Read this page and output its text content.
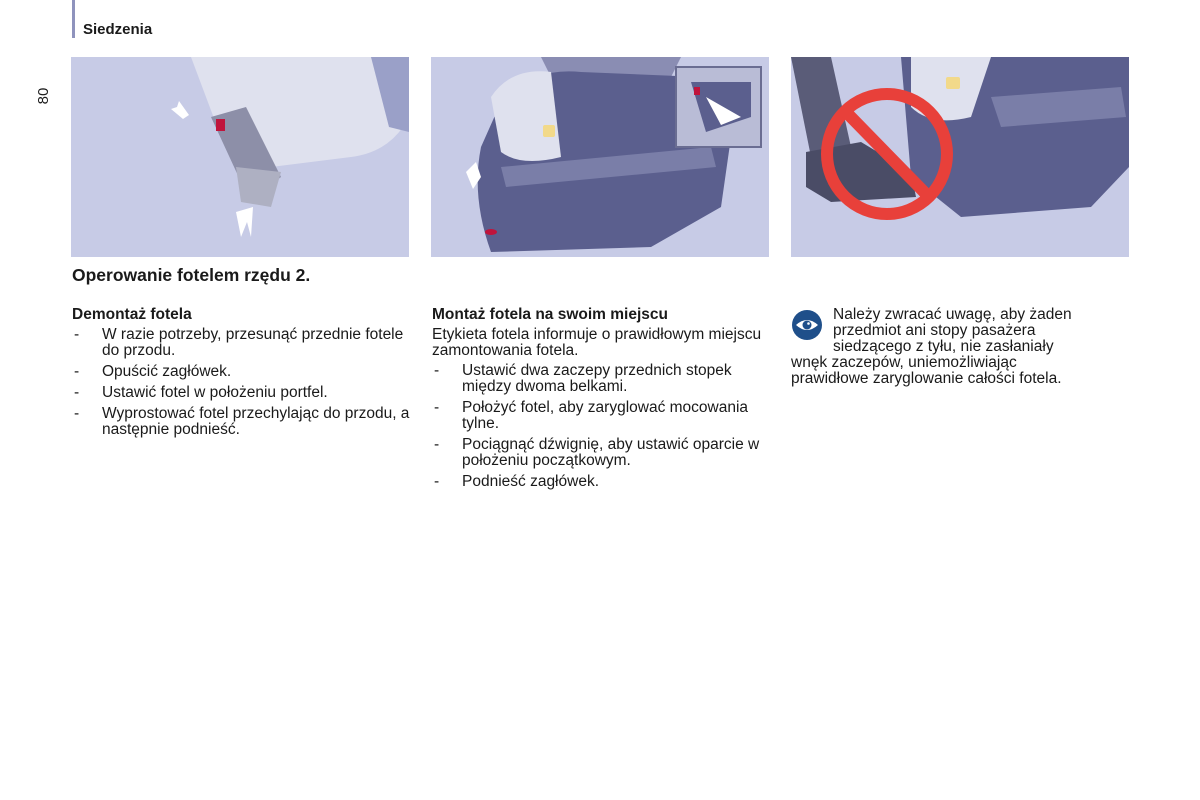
Siedzenia
80
Operowanie fotelem rzędu 2.
Demontaż fotela
- W razie potrzeby, przesunąć przednie fotele do przodu.
- Opuścić zagłówek.
- Ustawić fotel w położeniu portfel.
- Wyprostować fotel przechylając do przodu, a następnie podnieść.
Montaż fotela na swoim miejscu

Etykieta fotela informuje o prawidłowym miejscu zamontowania fotela.

- Ustawić dwa zaczepy przednich stopek między dwoma belkami.
- Położyć fotel, aby zaryglować mocowania tylne.
- Pociągnąć dźwignię, aby ustawić oparcie w położeniu początkowym.
- Podnieść zagłówek.
Należy zwracać uwagę, aby żaden przedmiot ani stopy pasażera siedzącego z tyłu, nie zasłaniały wnęk zaczepów, uniemożliwiając prawidłowe zaryglowanie całości fotela.
